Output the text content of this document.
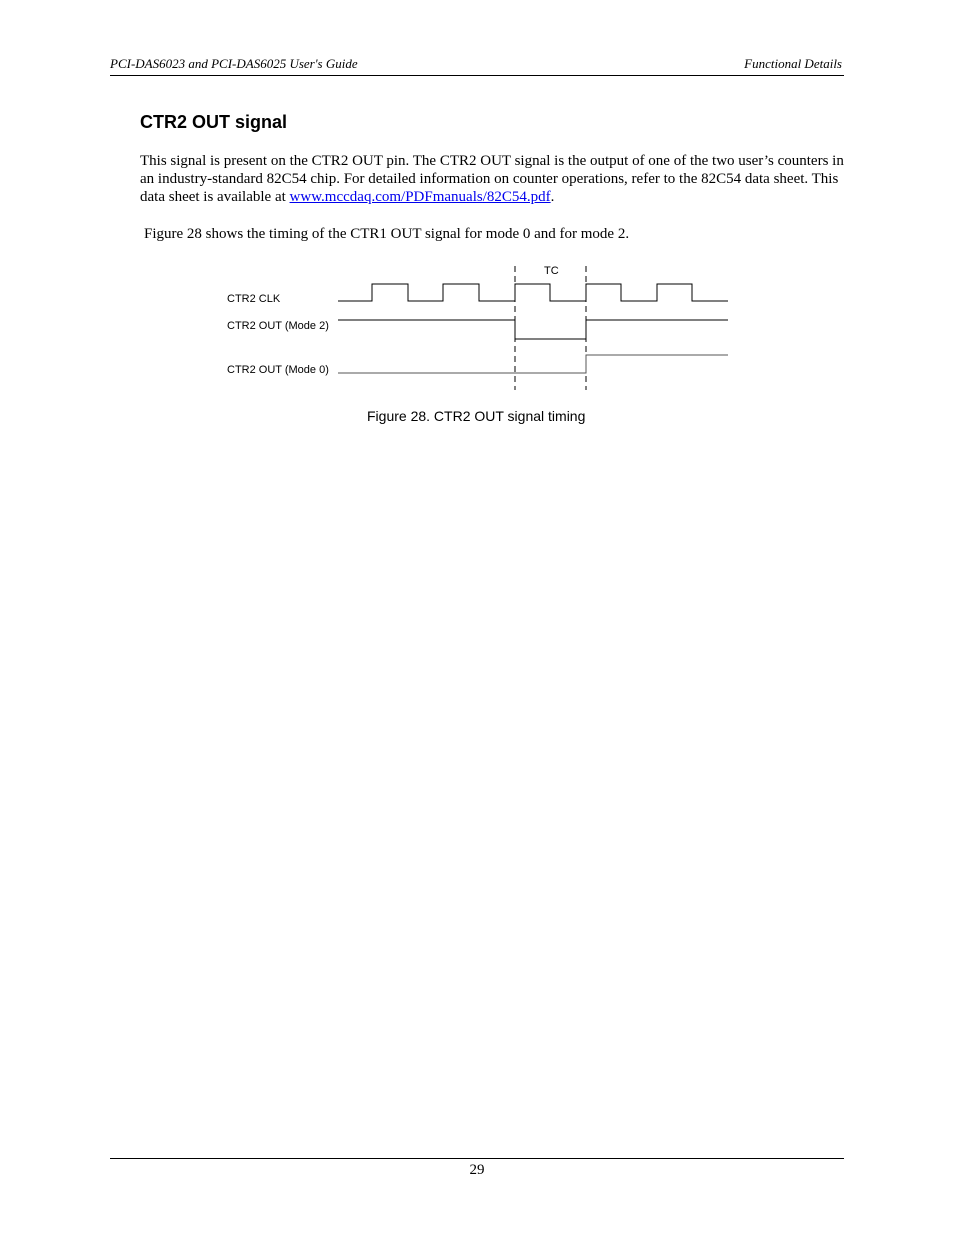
PCI-DAS6023 and PCI-DAS6025 User's Guide	Functional Details
CTR2 OUT signal

This signal is present on the CTR2 OUT pin. The CTR2 OUT signal is the output of one of the two user’s counters in an industry-standard 82C54 chip. For detailed information on counter operations, refer to the 82C54 data sheet. This data sheet is available at www.mccdaq.com/PDFmanuals/82C54.pdf.

Figure 28 shows the timing of the CTR1 OUT signal for mode 0 and for mode 2.

TC
CTR2 CLK
CTR2 OUT (Mode 2)
CTR2 OUT (Mode 0)
Figure 28. CTR2 OUT signal timing
29
